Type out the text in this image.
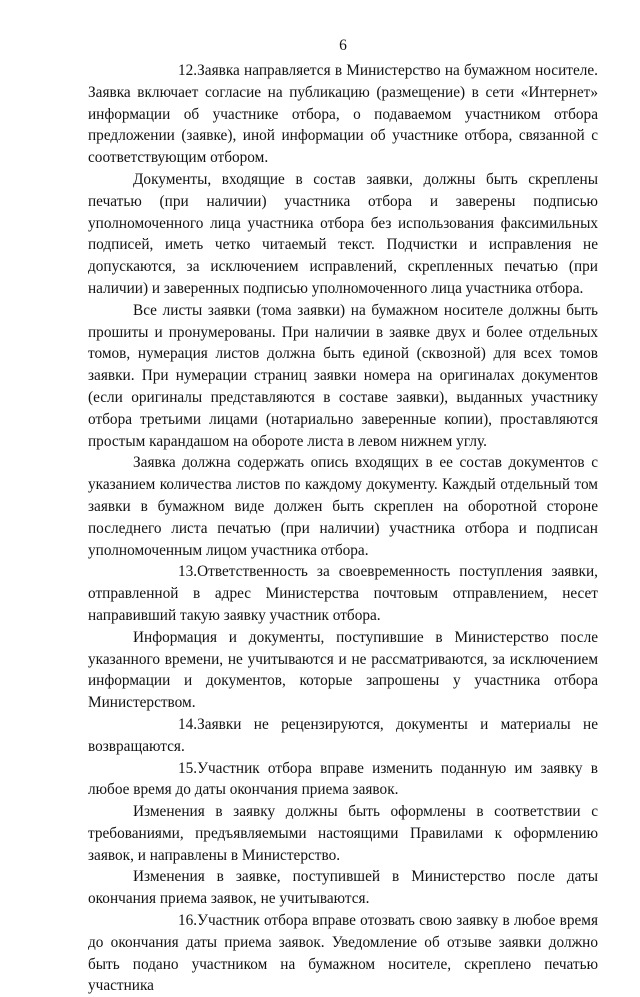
6

12.Заявка направляется в Министерство на бумажном носителе. Заявка включает согласие на публикацию (размещение) в сети «Интернет» информации об участнике отбора, о подаваемом участником отбора предложении (заявке), иной информации об участнике отбора, связанной с соответствующим отбором.

Документы, входящие в состав заявки, должны быть скреплены печатью (при наличии) участника отбора и заверены подписью уполномоченного лица участника отбора без использования факсимильных подписей, иметь четко читаемый текст. Подчистки и исправления не допускаются, за исключением исправлений, скрепленных печатью (при наличии) и заверенных подписью уполномоченного лица участника отбора.

Все листы заявки (тома заявки) на бумажном носителе должны быть прошиты и пронумерованы. При наличии в заявке двух и более отдельных томов, нумерация листов должна быть единой (сквозной) для всех томов заявки. При нумерации страниц заявки номера на оригиналах документов (если оригиналы представляются в составе заявки), выданных участнику отбора третьими лицами (нотариально заверенные копии), проставляются простым карандашом на обороте листа в левом нижнем углу.

Заявка должна содержать опись входящих в ее состав документов с указанием количества листов по каждому документу. Каждый отдельный том заявки в бумажном виде должен быть скреплен на оборотной стороне последнего листа печатью (при наличии) участника отбора и подписан уполномоченным лицом участника отбора.

13.Ответственность за своевременность поступления заявки, отправленной в адрес Министерства почтовым отправлением, несет направивший такую заявку участник отбора.

Информация и документы, поступившие в Министерство после указанного времени, не учитываются и не рассматриваются, за исключением информации и документов, которые запрошены у участника отбора Министерством.

14.Заявки не рецензируются, документы и материалы не возвращаются.

15.Участник отбора вправе изменить поданную им заявку в любое время до даты окончания приема заявок.

Изменения в заявку должны быть оформлены в соответствии с требованиями, предъявляемыми настоящими Правилами к оформлению заявок, и направлены в Министерство.

Изменения в заявке, поступившей в Министерство после даты окончания приема заявок, не учитываются.

16.Участник отбора вправе отозвать свою заявку в любое время до окончания даты приема заявок. Уведомление об отзыве заявки должно быть подано участником на бумажном носителе, скреплено печатью участника
